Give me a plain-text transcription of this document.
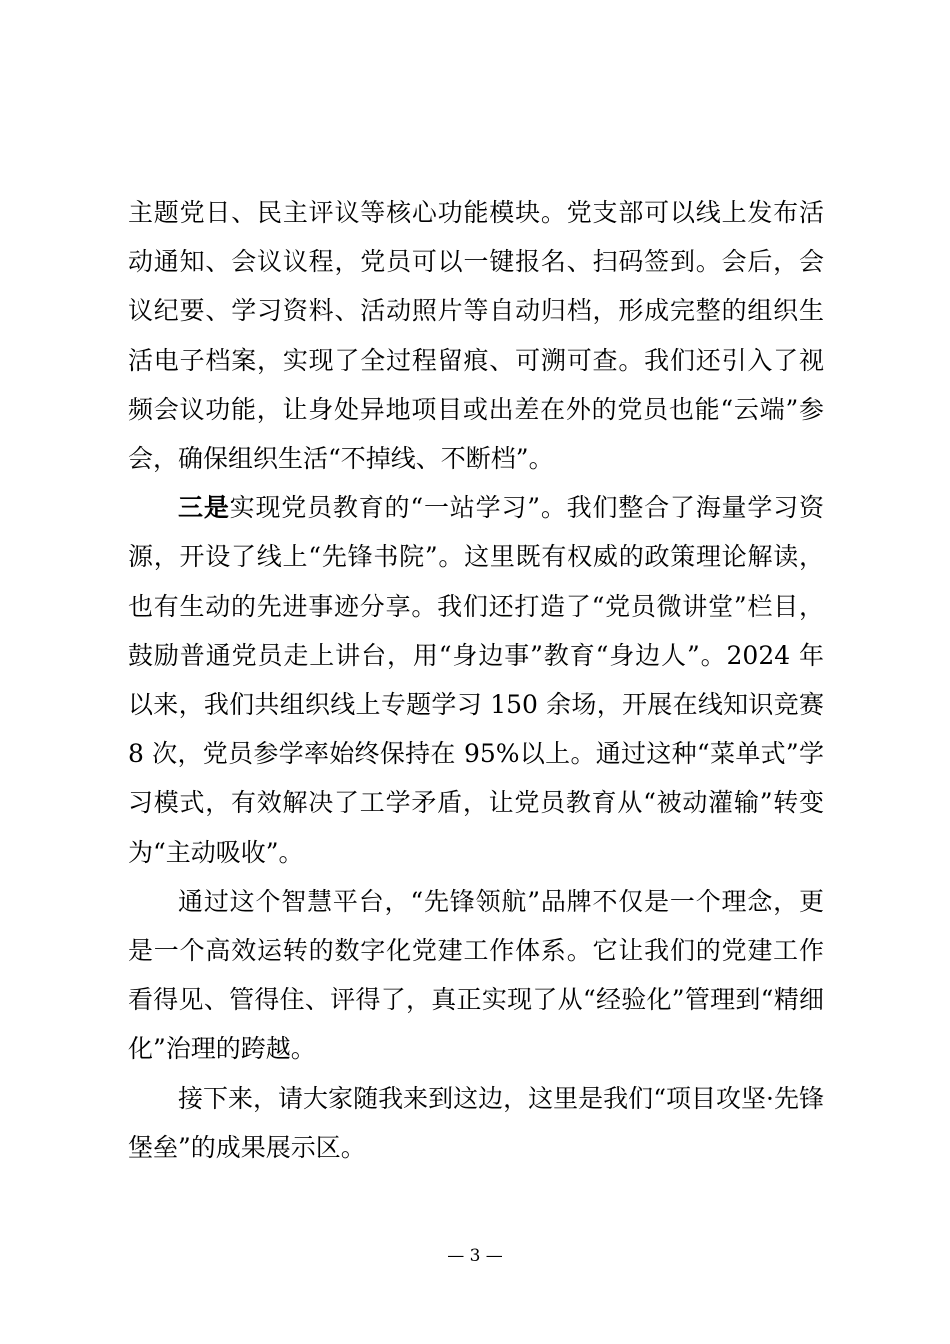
主题党日、民主评议等核心功能模块。党支部可以线上发布活动通知、会议议程，党员可以一键报名、扫码签到。会后，会议纪要、学习资料、活动照片等自动归档，形成完整的组织生活电子档案，实现了全过程留痕、可溯可查。我们还引入了视频会议功能，让身处异地项目或出差在外的党员也能“云端”参会，确保组织生活“不掉线、不断档”。

三是实现党员教育的“一站学习”。我们整合了海量学习资源，开设了线上“先锋书院”。这里既有权威的政策理论解读，也有生动的先进事迹分享。我们还打造了“党员微讲堂”栏目，鼓励普通党员走上讲台，用“身边事”教育“身边人”。2024 年以来，我们共组织线上专题学习 150 余场，开展在线知识竞赛 8 次，党员参学率始终保持在 95%以上。通过这种“菜单式”学习模式，有效解决了工学矛盾，让党员教育从“被动灌输”转变为“主动吸收”。

通过这个智慧平台，“先锋领航”品牌不仅是一个理念，更是一个高效运转的数字化党建工作体系。它让我们的党建工作看得见、管得住、评得了，真正实现了从“经验化”管理到“精细化”治理的跨越。

接下来，请大家随我来到这边，这里是我们“项目攻坚·先锋堡垒”的成果展示区。

— 3 —
